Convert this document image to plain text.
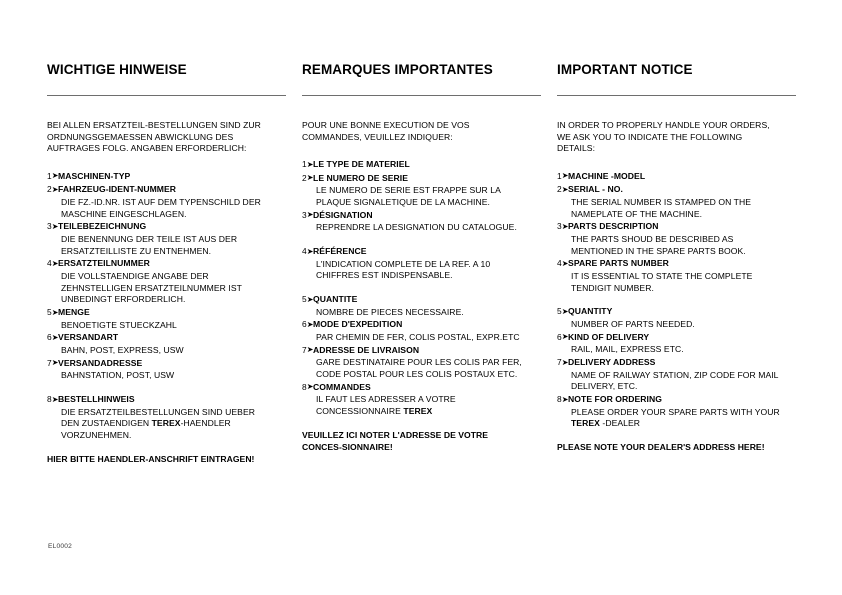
WICHTIGE HINWEISE	REMARQUES IMPORTANTES	IMPORTANT NOTICE
BEI ALLEN ERSATZTEIL-BESTELLUNGEN SIND ZUR
ORDNUNGSGEMAESSEN ABWICKLUNG DES
AUFTRAGES FOLG. ANGABEN ERFORDERLICH:
1➤MASCHINEN-TYP
2➤FAHRZEUG-IDENT-NUMMER
DIE FZ.-ID.NR. IST AUF DEM TYPENSCHILD DER
MASCHINE EINGESCHLAGEN.
3➤TEILEBEZEICHNUNG
DIE BENENNUNG DER TEILE IST AUS DER
ERSATZTEILLISTE ZU ENTNEHMEN.
4➤ERSATZTEILNUMMER
DIE VOLLSTAENDIGE ANGABE DER
ZEHNSTELLIGEN ERSATZTEILNUMMER IST
UNBEDINGT ERFORDERLICH.
5➤MENGE
BENOETIGTE STUECKZAHL
6➤VERSANDART
BAHN, POST, EXPRESS, USW
7➤VERSANDADRESSE
BAHNSTATION, POST, USW
8➤BESTELLHINWEIS
DIE ERSATZTEILBESTELLUNGEN SIND UEBER
DEN ZUSTAENDIGEN TEREX-HAENDLER
VORZUNEHMEN.
HIER BITTE HAENDLER-ANSCHRIFT EINTRAGEN!
POUR UNE BONNE EXECUTION DE VOS
COMMANDES, VEUILLEZ INDIQUER:
1➤LE TYPE DE MATERIEL
2➤LE NUMERO DE SERIE
LE NUMERO DE SERIE EST FRAPPE SUR LA
PLAQUE SIGNALETIQUE DE LA MACHINE.
3➤DÉSIGNATION
REPRENDRE LA DESIGNATION DU CATALOGUE.
4➤RÉFÉRENCE
L'INDICATION COMPLETE DE LA REF. A 10
CHIFFRES EST INDISPENSABLE.
5➤QUANTITE
NOMBRE DE PIECES NECESSAIRE.
6➤MODE D'EXPEDITION
PAR CHEMIN DE FER, COLIS POSTAL, EXPR.ETC
7➤ADRESSE DE LIVRAISON
GARE DESTINATAIRE POUR LES COLIS PAR FER,
CODE POSTAL POUR LES COLIS POSTAUX ETC.
8➤COMMANDES
IL FAUT LES ADRESSER A VOTRE
CONCESSIONNAIRE TEREX
VEUILLEZ ICI NOTER L'ADRESSE DE VOTRE
CONCES-SIONNAIRE!
IN ORDER TO PROPERLY HANDLE YOUR ORDERS,
WE ASK YOU TO INDICATE THE FOLLOWING
DETAILS:
1➤MACHINE -MODEL
2➤SERIAL - NO.
THE SERIAL NUMBER IS STAMPED ON THE
NAMEPLATE OF THE MACHINE.
3➤PARTS DESCRIPTION
THE PARTS SHOUD BE DESCRIBED AS
MENTIONED IN THE SPARE PARTS BOOK.
4➤SPARE PARTS NUMBER
IT IS ESSENTIAL TO STATE THE COMPLETE
TENDIGIT NUMBER.
5➤QUANTITY
NUMBER OF PARTS NEEDED.
6➤KIND OF DELIVERY
RAIL, MAIL, EXPRESS ETC.
7➤DELIVERY ADDRESS
NAME OF RAILWAY STATION, ZIP CODE FOR MAIL
DELIVERY, ETC.
8➤NOTE FOR ORDERING
PLEASE ORDER YOUR SPARE PARTS WITH YOUR
TEREX -DEALER
PLEASE NOTE YOUR DEALER'S ADDRESS HERE!
EL0002
